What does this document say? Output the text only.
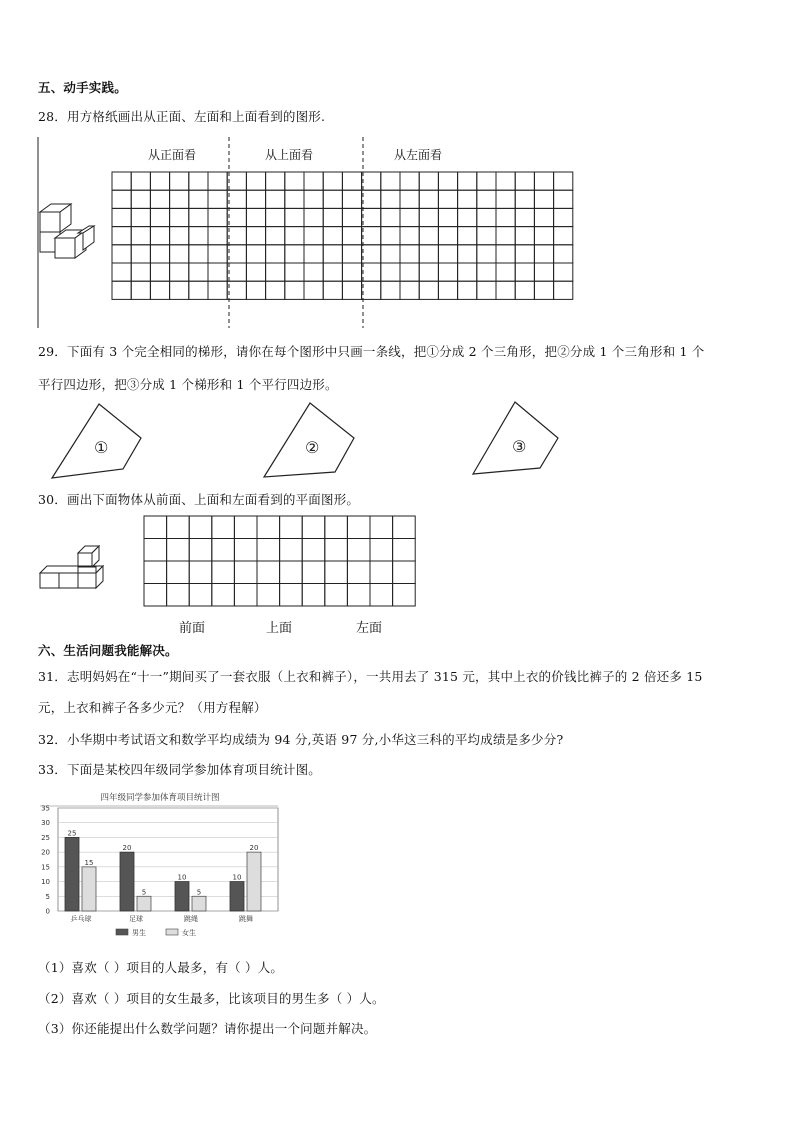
五、动手实践。
28．用方格纸画出从正面、左面和上面看到的图形.
从正面看	从上面看	从左面看
29．下面有 3 个完全相同的梯形，请你在每个图形中只画一条线，把①分成 2 个三角形，把②分成 1 个三角形和 1 个
平行四边形，把③分成 1 个梯形和 1 个平行四边形。
①	②	③
30．画出下面物体从前面、上面和左面看到的平面图形。
前面	上面	左面
六、生活问题我能解决。
31．志明妈妈在“十一”期间买了一套衣服（上衣和裤子），一共用去了 315 元，其中上衣的价钱比裤子的 2 倍还多 15
元，上衣和裤子各多少元？（用方程解）
32．小华期中考试语文和数学平均成绩为 94 分,英语 97 分,小华这三科的平均成绩是多少分?
33．下面是某校四年级同学参加体育项目统计图。
四年级同学参加体育项目统计图
0
5
10
15
20
25
30
35
25
15
乒乓球
20
5
足球
10
5
跳绳
10
20
跳舞
男生	女生
（1）喜欢（ ）项目的人最多，有（ ）人。
（2）喜欢（ ）项目的女生最多，比该项目的男生多（ ）人。
（3）你还能提出什么数学问题？请你提出一个问题并解决。
